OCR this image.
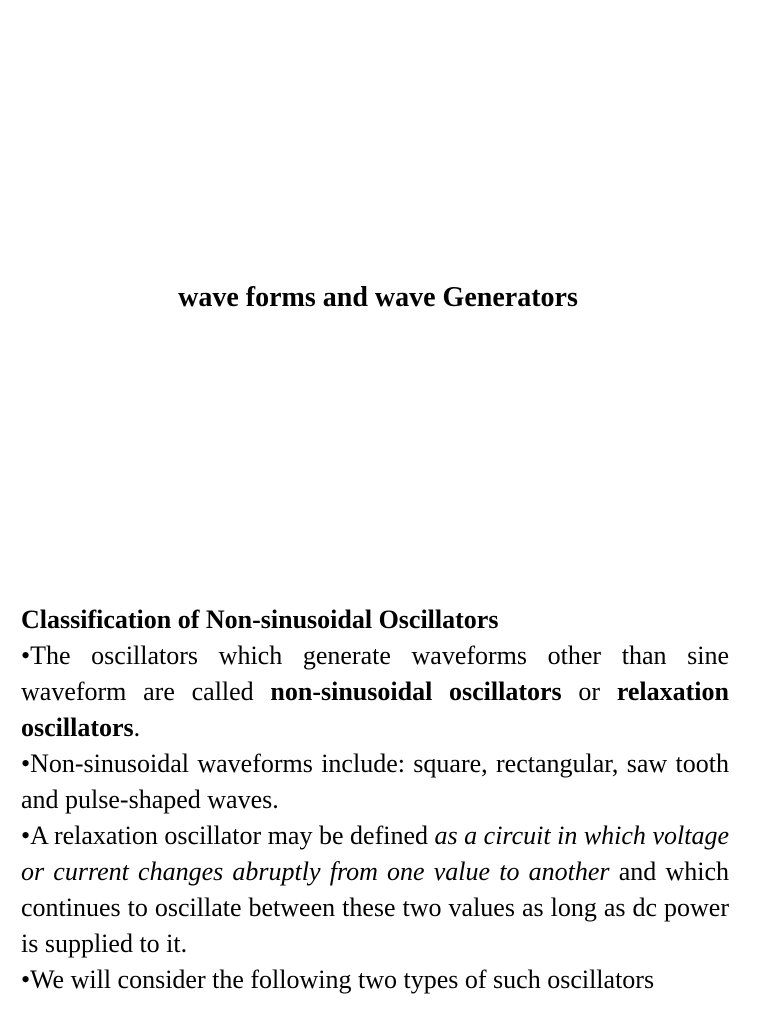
wave forms and wave Generators

Classification of Non-sinusoidal Oscillators

•The oscillators which generate waveforms other than sine waveform are called non-sinusoidal oscillators or relaxation oscillators.

•Non-sinusoidal waveforms include: square, rectangular, saw tooth and pulse-shaped waves.

•A relaxation oscillator may be defined as a circuit in which voltage or current changes abruptly from one value to another and which continues to oscillate between these two values as long as dc power is supplied to it.

•We will consider the following two types of such oscillators
